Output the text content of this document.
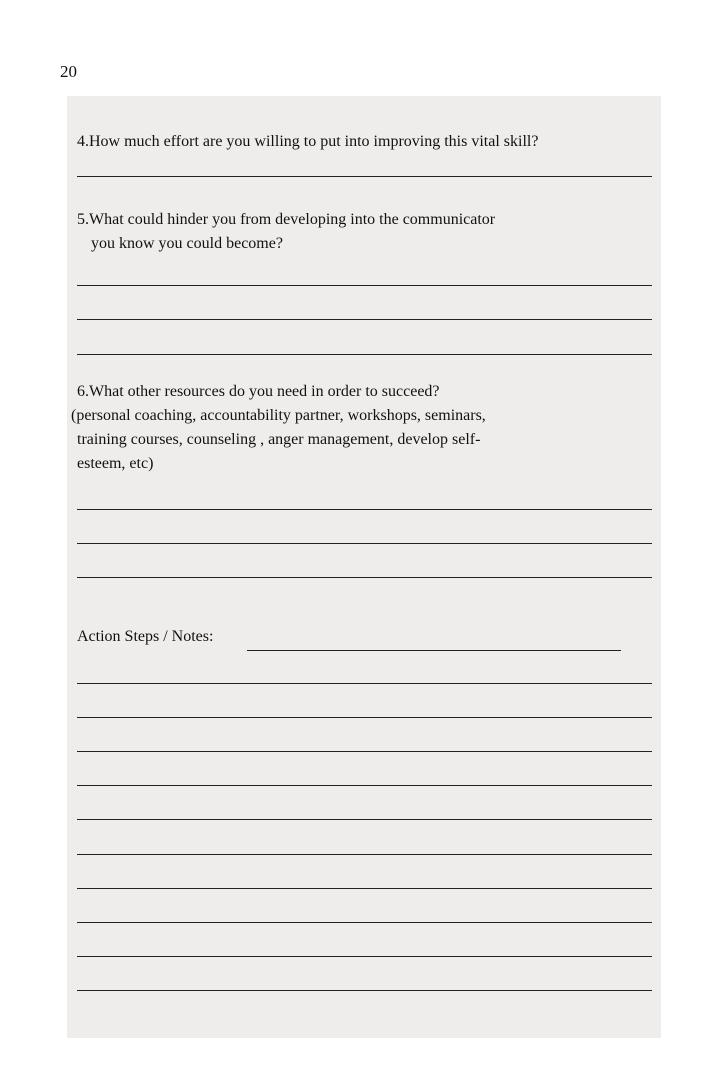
20
4.How much effort are you willing to put into improving this vital skill?
5.What could hinder you from developing into the communicator
you know you could become?
6.What other resources do you need in order to succeed?
(personal coaching, accountability partner, workshops, seminars,
training courses, counseling , anger management, develop self-
esteem, etc)
Action Steps / Notes:
